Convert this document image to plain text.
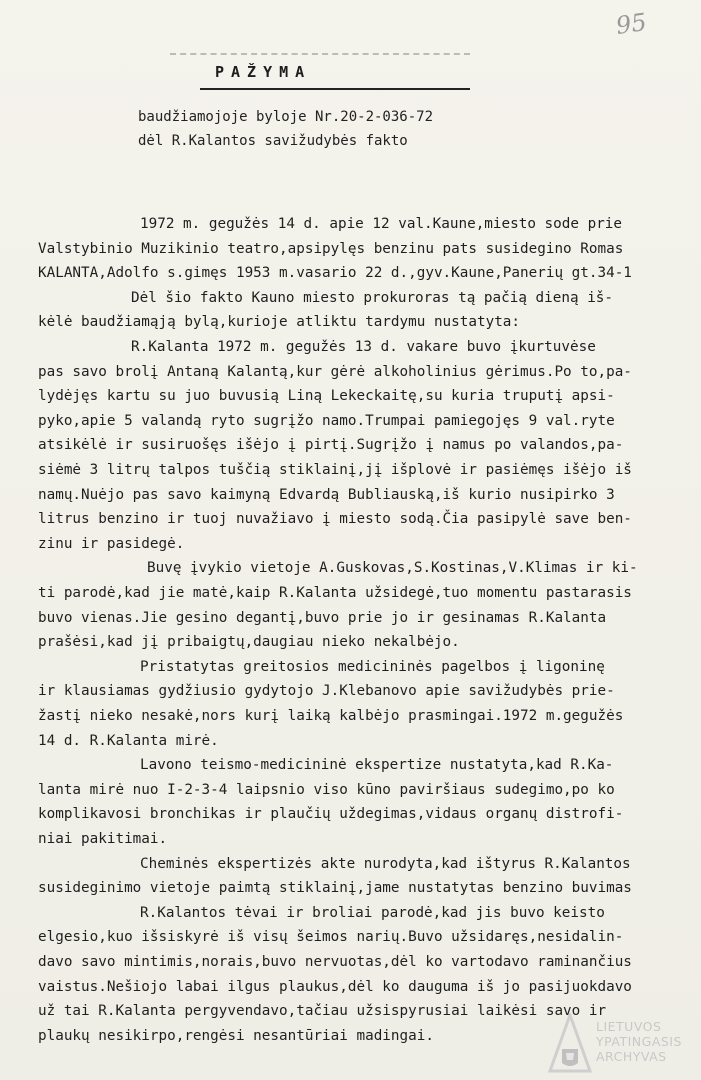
95
PAŽYMA
baudžiamojoje byloje Nr.20-2-036-72
dėl R.Kalantos savižudybės fakto
1972 m. gegužės 14 d. apie 12 val.Kaune,miesto sode prie
Valstybinio Muzikinio teatro,apsipylęs benzinu pats susidegino Romas
KALANTA,Adolfo s.gimęs 1953 m.vasario 22 d.,gyv.Kaune,Panerių gt.34-1
Dėl šio fakto Kauno miesto prokuroras tą pačią dieną iš-
kėlė baudžiamąją bylą,kurioje atliktu tardymu nustatyta:
R.Kalanta 1972 m. gegužės 13 d. vakare buvo įkurtuvėse
pas savo brolį Antaną Kalantą,kur gėrė alkoholinius gėrimus.Po to,pa-
lydėjęs kartu su juo buvusią Liną Lekeckaitę,su kuria truputį apsi-
pyko,apie 5 valandą ryto sugrįžo namo.Trumpai pamiegojęs 9 val.ryte
atsikėlė ir susiruošęs išėjo į pirtį.Sugrįžo į namus po valandos,pa-
siėmė 3 litrų talpos tuščią stiklainį,jį išplovė ir pasiėmęs išėjo iš
namų.Nuėjo pas savo kaimyną Edvardą Bubliauską,iš kurio nusipirko 3
litrus benzino ir tuoj nuvažiavo į miesto sodą.Čia pasipylė save ben-
zinu ir pasidegė.
Buvę įvykio vietoje A.Guskovas,S.Kostinas,V.Klimas ir ki-
ti parodė,kad jie matė,kaip R.Kalanta užsidegė,tuo momentu pastarasis
buvo vienas.Jie gesino degantį,buvo prie jo ir gesinamas R.Kalanta
prašėsi,kad jį pribaigtų,daugiau nieko nekalbėjo.
Pristatytas greitosios medicininės pagelbos į ligoninę
ir klausiamas gydžiusio gydytojo J.Klebanovo apie savižudybės prie-
žastį nieko nesakė,nors kurį laiką kalbėjo prasmingai.1972 m.gegužės
14 d. R.Kalanta mirė.
Lavono teismo-medicininė ekspertize nustatyta,kad R.Ka-
lanta mirė nuo I-2-3-4 laipsnio viso kūno paviršiaus sudegimo,po ko
komplikavosi bronchikas ir plaučių uždegimas,vidaus organų distrofi-
niai pakitimai.
Cheminės ekspertizės akte nurodyta,kad ištyrus R.Kalantos
susideginimo vietoje paimtą stiklainį,jame nustatytas benzino buvimas
R.Kalantos tėvai ir broliai parodė,kad jis buvo keisto
elgesio,kuo išsiskyrė iš visų šeimos narių.Buvo užsidaręs,nesidalin-
davo savo mintimis,norais,buvo nervuotas,dėl ko vartodavo raminančius
vaistus.Nešiojo labai ilgus plaukus,dėl ko dauguma iš jo pasijuokdavo
už tai R.Kalanta pergyvendavo,tačiau užsispyrusiai laikėsi savo ir
plaukų nesikirpo,rengėsi nesantūriai madingai.
LIETUVOS
YPATINGASIS
ARCHYVAS
